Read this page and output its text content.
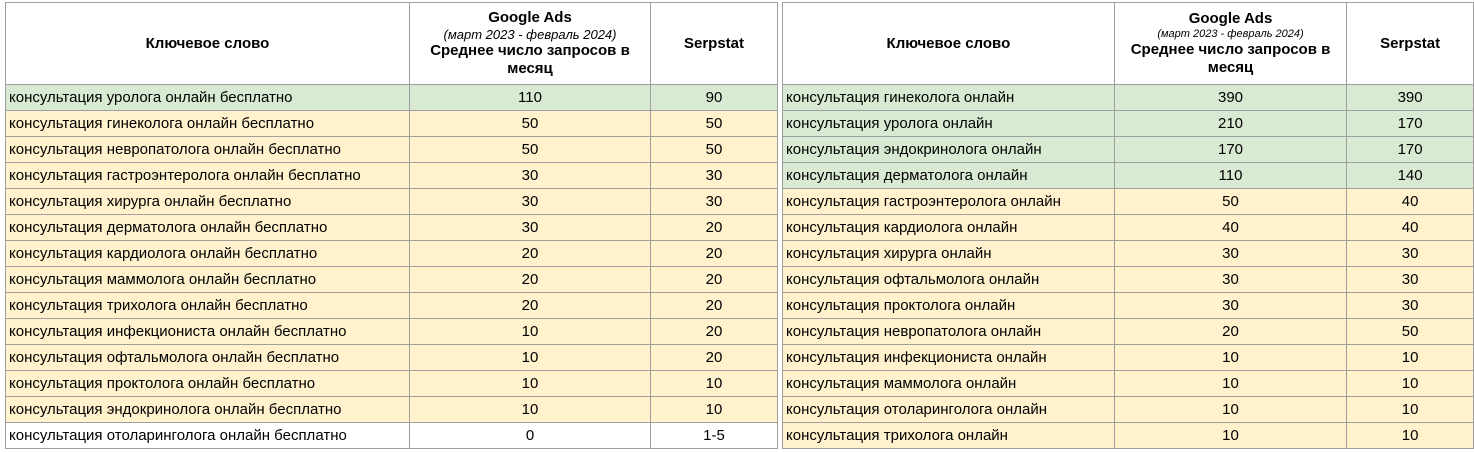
Ключевое слово	Google Ads
(март 2023 - февраль 2024)
Среднее число запросов в месяц	Serpstat
консультация уролога онлайн бесплатно	110	90
консультация гинеколога онлайн бесплатно	50	50
консультация невропатолога онлайн бесплатно	50	50
консультация гастроэнтеролога онлайн бесплатно	30	30
консультация хирурга онлайн бесплатно	30	30
консультация дерматолога онлайн бесплатно	30	20
консультация кардиолога онлайн бесплатно	20	20
консультация маммолога онлайн бесплатно	20	20
консультация трихолога онлайн бесплатно	20	20
консультация инфекциониста онлайн бесплатно	10	20
консультация офтальмолога онлайн бесплатно	10	20
консультация проктолога онлайн бесплатно	10	10
консультация эндокринолога онлайн бесплатно	10	10
консультация отоларинголога онлайн бесплатно	0	1-5
Ключевое слово	Google Ads
(март 2023 - февраль 2024)
Среднее число запросов в месяц	Serpstat
консультация гинеколога онлайн	390	390
консультация уролога онлайн	210	170
консультация эндокринолога онлайн	170	170
консультация дерматолога онлайн	110	140
консультация гастроэнтеролога онлайн	50	40
консультация кардиолога онлайн	40	40
консультация хирурга онлайн	30	30
консультация офтальмолога онлайн	30	30
консультация проктолога онлайн	30	30
консультация невропатолога онлайн	20	50
консультация инфекциониста онлайн	10	10
консультация маммолога онлайн	10	10
консультация отоларинголога онлайн	10	10
консультация трихолога онлайн	10	10
